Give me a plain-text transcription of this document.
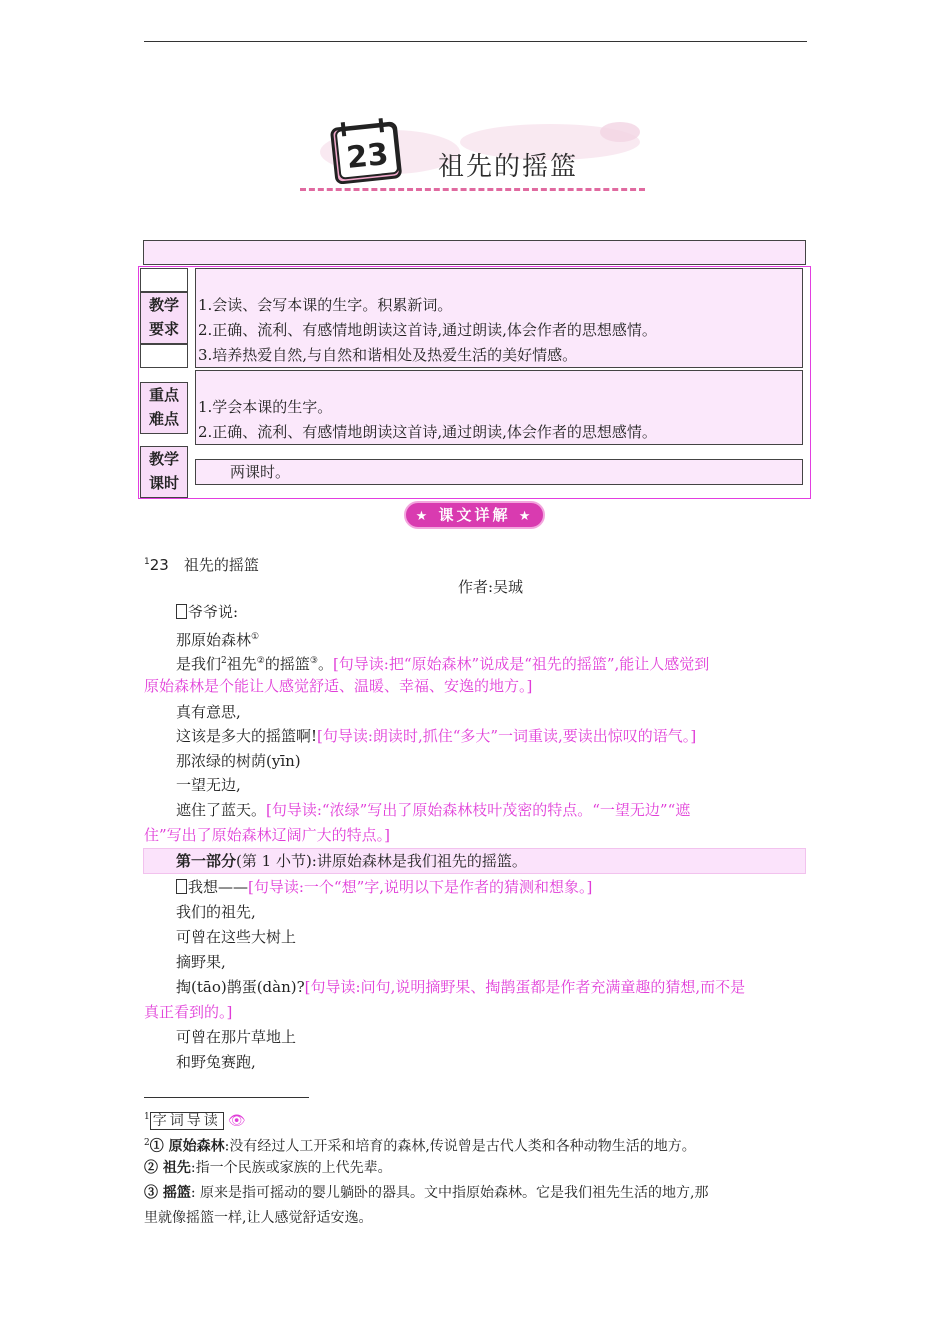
23 祖先的摇篮
教学
要求

1.会读、会写本课的生字。积累新词。

2.正确、流利、有感情地朗读这首诗,通过朗读,体会作者的思想感情。

3.培养热爱自然,与自然和谐相处及热爱生活的美好情感。

重点
难点

1.学会本课的生字。

2.正确、流利、有感情地朗读这首诗,通过朗读,体会作者的思想感情。

教学
课时

两课时。

★ 课文详解 ★
$^1$23　祖先的摇篮
作者:吴珹
爷爷说:
那原始森林①
是我们$^2$祖先②的摇篮③。[句导读:把“原始森林”说成是“祖先的摇篮”,能让人感觉到
原始森林是个能让人感觉舒适、温暖、幸福、安逸的地方。]
真有意思,
这该是多大的摇篮啊![句导读:朗读时,抓住“多大”一词重读,要读出惊叹的语气。]
那浓绿的树荫(yīn)
一望无边,
遮住了蓝天。[句导读:“浓绿”写出了原始森林枝叶茂密的特点。“一望无边”“遮
住”写出了原始森林辽阔广大的特点。]
第一部分(第 1 小节):讲原始森林是我们祖先的摇篮。
我想——[句导读:一个“想”字,说明以下是作者的猜测和想象。]
我们的祖先,
可曾在这些大树上
摘野果,
掏(tāo)鹊蛋(dàn)?[句导读:问句,说明摘野果、掏鹊蛋都是作者充满童趣的猜想,而不是
真正看到的。]
可曾在那片草地上
和野兔赛跑,
$^1$ 字词导读 👁
$^2$① 原始森林:没有经过人工开采和培育的森林,传说曾是古代人类和各种动物生活的地方。
② 祖先:指一个民族或家族的上代先辈。
③ 摇篮: 原来是指可摇动的婴儿躺卧的器具。文中指原始森林。它是我们祖先生活的地方,那
里就像摇篮一样,让人感觉舒适安逸。
